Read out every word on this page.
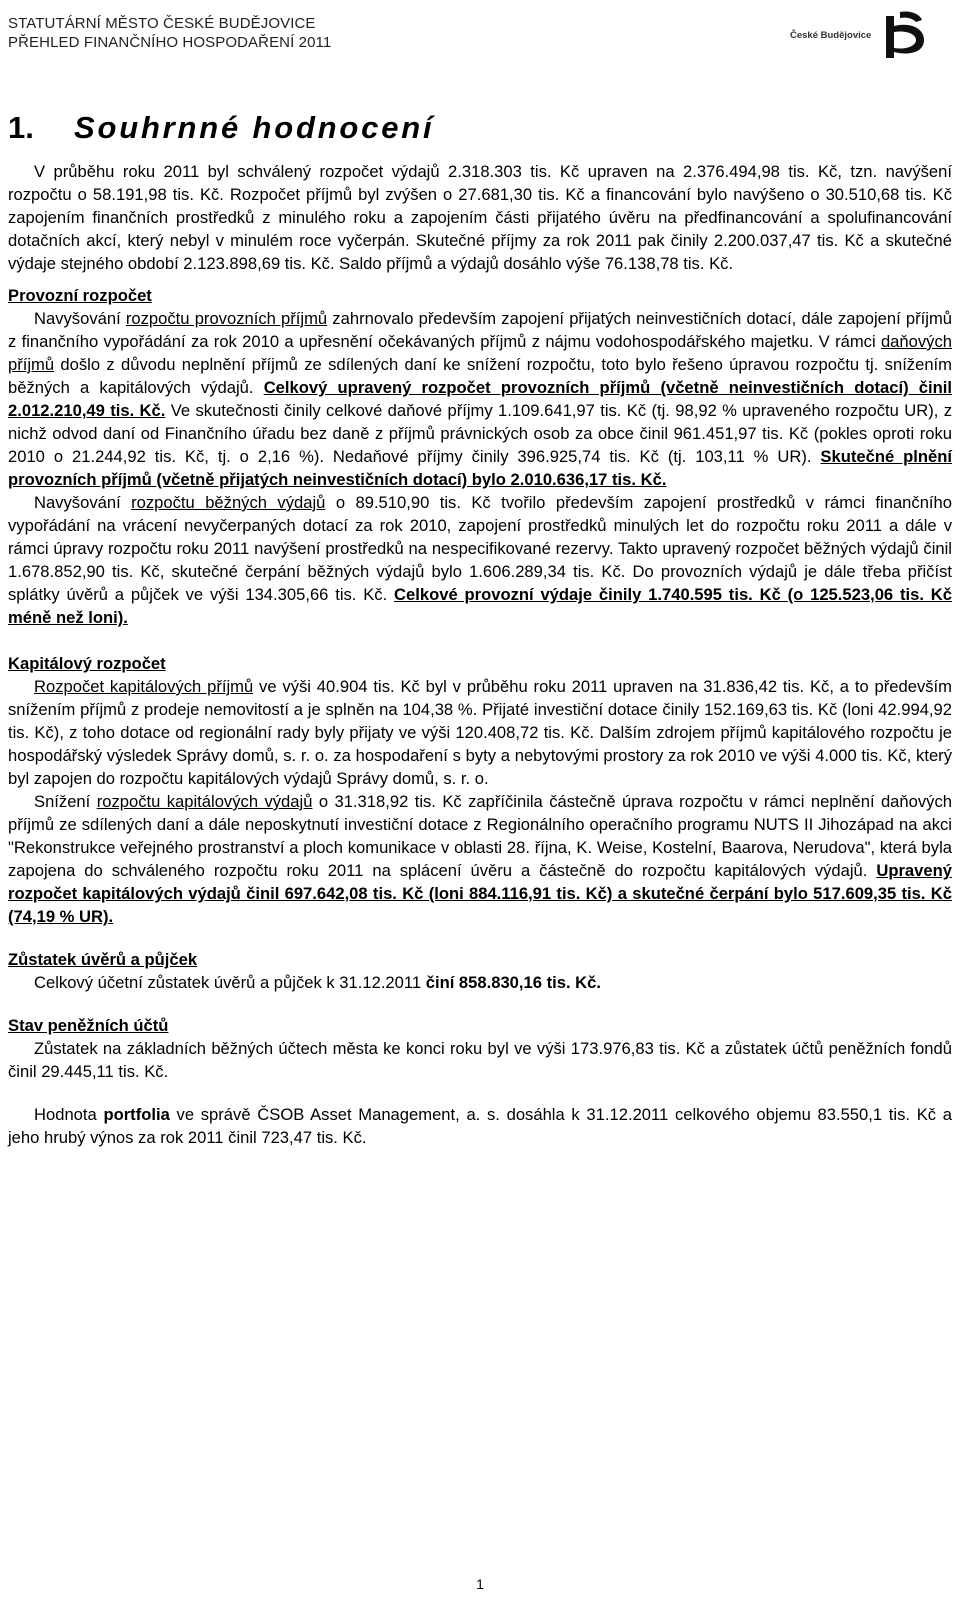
STATUTÁRNÍ MĚSTO ČESKÉ BUDĚJOVICE
PŘEHLED FINANČNÍHO HOSPODAŘENÍ 2011	České Budějovice
1. Souhrnné hodnocení

V průběhu roku 2011 byl schválený rozpočet výdajů 2.318.303 tis. Kč upraven na 2.376.494,98 tis. Kč, tzn. navýšení rozpočtu o 58.191,98 tis. Kč. Rozpočet příjmů byl zvýšen o 27.681,30 tis. Kč a financování bylo navýšeno o 30.510,68 tis. Kč zapojením finančních prostředků z minulého roku a zapojením části přijatého úvěru na předfinancování a spolufinancování dotačních akcí, který nebyl v minulém roce vyčerpán. Skutečné příjmy za rok 2011 pak činily 2.200.037,47 tis. Kč a skutečné výdaje stejného období 2.123.898,69 tis. Kč. Saldo příjmů a výdajů dosáhlo výše 76.138,78 tis. Kč.

Provozní rozpočet

Navyšování rozpočtu provozních příjmů zahrnovalo především zapojení přijatých neinvestičních dotací, dále zapojení příjmů z finančního vypořádání za rok 2010 a upřesnění očekávaných příjmů z nájmu vodohospodářského majetku. V rámci daňových příjmů došlo z důvodu neplnění příjmů ze sdílených daní ke snížení rozpočtu, toto bylo řešeno úpravou rozpočtu tj. snížením běžných a kapitálových výdajů. Celkový upravený rozpočet provozních příjmů (včetně neinvestičních dotací) činil 2.012.210,49 tis. Kč. Ve skutečnosti činily celkové daňové příjmy 1.109.641,97 tis. Kč (tj. 98,92 % upraveného rozpočtu UR), z nichž odvod daní od Finančního úřadu bez daně z příjmů právnických osob za obce činil 961.451,97 tis. Kč (pokles oproti roku 2010 o 21.244,92 tis. Kč, tj. o 2,16 %). Nedaňové příjmy činily 396.925,74 tis. Kč (tj. 103,11 % UR). Skutečné plnění provozních příjmů (včetně přijatých neinvestičních dotací) bylo 2.010.636,17 tis. Kč.

Navyšování rozpočtu běžných výdajů o 89.510,90 tis. Kč tvořilo především zapojení prostředků v rámci finančního vypořádání na vrácení nevyčerpaných dotací za rok 2010, zapojení prostředků minulých let do rozpočtu roku 2011 a dále v rámci úpravy rozpočtu roku 2011 navýšení prostředků na nespecifikované rezervy. Takto upravený rozpočet běžných výdajů činil 1.678.852,90 tis. Kč, skutečné čerpání běžných výdajů bylo 1.606.289,34 tis. Kč. Do provozních výdajů je dále třeba přičíst splátky úvěrů a půjček ve výši 134.305,66 tis. Kč. Celkové provozní výdaje činily 1.740.595 tis. Kč (o 125.523,06 tis. Kč méně než loni).

Kapitálový rozpočet

Rozpočet kapitálových příjmů ve výši 40.904 tis. Kč byl v průběhu roku 2011 upraven na 31.836,42 tis. Kč, a to především snížením příjmů z prodeje nemovitostí a je splněn na 104,38 %. Přijaté investiční dotace činily 152.169,63 tis. Kč (loni 42.994,92 tis. Kč), z toho dotace od regionální rady byly přijaty ve výši 120.408,72 tis. Kč. Dalším zdrojem příjmů kapitálového rozpočtu je hospodářský výsledek Správy domů, s. r. o. za hospodaření s byty a nebytovými prostory za rok 2010 ve výši 4.000 tis. Kč, který byl zapojen do rozpočtu kapitálových výdajů Správy domů, s. r. o.

Snížení rozpočtu kapitálových výdajů o 31.318,92 tis. Kč zapříčinila částečně úprava rozpočtu v rámci neplnění daňových příjmů ze sdílených daní a dále neposkytnutí investiční dotace z Regionálního operačního programu NUTS II Jihozápad na akci "Rekonstrukce veřejného prostranství a ploch komunikace v oblasti 28. října, K. Weise, Kostelní, Baarova, Nerudova", která byla zapojena do schváleného rozpočtu roku 2011 na splácení úvěru a částečně do rozpočtu kapitálových výdajů. Upravený rozpočet kapitálových výdajů činil 697.642,08 tis. Kč (loni 884.116,91 tis. Kč) a skutečné čerpání bylo 517.609,35 tis. Kč (74,19 % UR).

Zůstatek úvěrů a půjček

Celkový účetní zůstatek úvěrů a půjček k 31.12.2011 činí 858.830,16 tis. Kč.

Stav peněžních účtů

Zůstatek na základních běžných účtech města ke konci roku byl ve výši 173.976,83 tis. Kč a zůstatek účtů peněžních fondů činil 29.445,11 tis. Kč.

Hodnota portfolia ve správě ČSOB Asset Management, a. s. dosáhla k 31.12.2011 celkového objemu 83.550,1 tis. Kč a jeho hrubý výnos za rok 2011 činil 723,47 tis. Kč.

1
